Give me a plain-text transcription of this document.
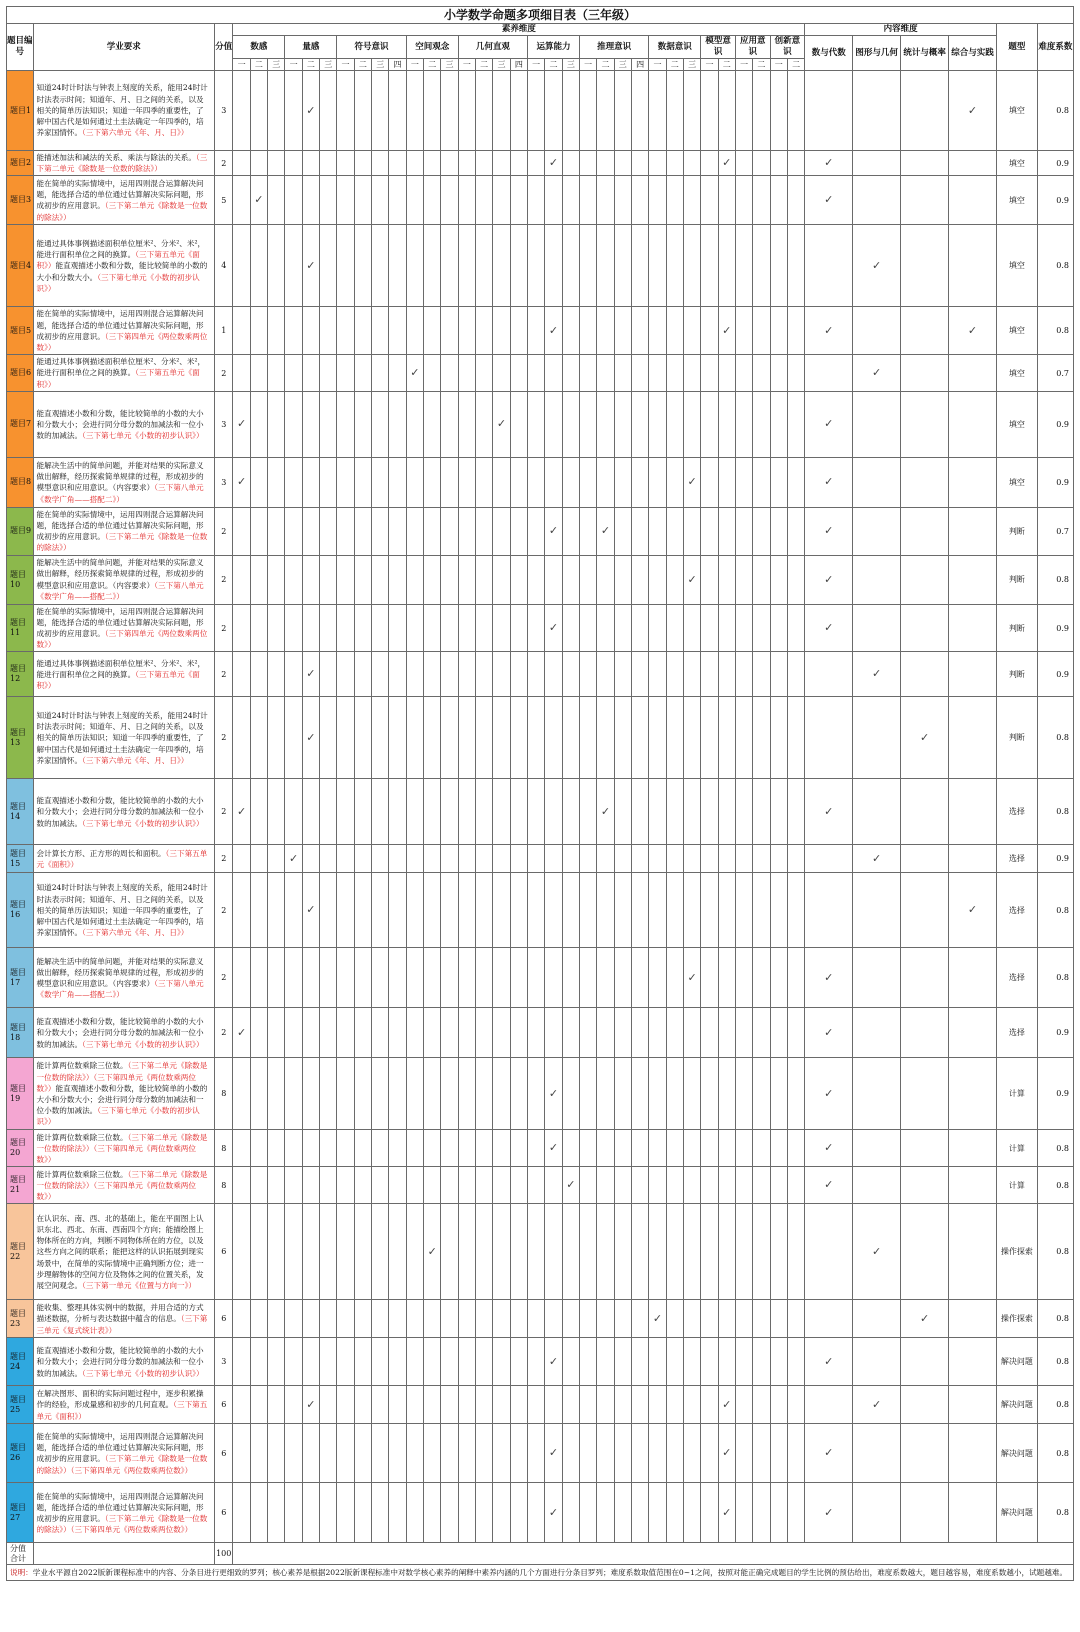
小学数学命题多项细目表（三年级）																																									
题目编号	学业要求	分值	素养维度																																	内容维度				题型	难度系数
			数感			量感			符号意识				空间观念			几何直观				运算能力			推理意识				数据意识			模型意识		应用意识		创新意识		数与代数	图形与几何	统计与概率	综合与实践		
			一	二	三	一	二	三	一	二	三	四	一	二	三	一	二	三	四	一	二	三	一	二	三	四	一	二	三	一	二	一	二	一	二						
题目1	知道24时计时法与钟表上刻度的关系，能用24时计时法表示时间；知道年、月、日之间的关系，以及相关的简单历法知识；知道一年四季的重要性，了解中国古代是如何通过土圭法确定一年四季的，培养家国情怀。（三下第六单元《年、月、日》）	3					✓																																✓	填空	0.8
题目2	能描述加法和减法的关系、乘法与除法的关系。（三下第二单元《除数是一位数的除法》）	2																			✓										✓					✓				填空	0.9
题目3	能在简单的实际情境中，运用四则混合运算解决问题，能选择合适的单位通过估算解决实际问题，形成初步的应用意识。（三下第二单元《除数是一位数的除法》）	5		✓																																✓				填空	0.9
题目4	能通过具体事例描述面积单位厘米²、分米²、米²，能进行面积单位之间的换算。（三下第五单元《面积》）能直观描述小数和分数，能比较简单的小数的大小和分数大小。（三下第七单元《小数的初步认识》）	4					✓																														✓			填空	0.8
题目5	能在简单的实际情境中，运用四则混合运算解决问题，能选择合适的单位通过估算解决实际问题，形成初步的应用意识。（三下第四单元《两位数乘两位数》）	1																			✓										✓					✓			✓	填空	0.8
题目6	能通过具体事例描述面积单位厘米²、分米²、米²，能进行面积单位之间的换算。（三下第五单元《面积》）	2											✓																								✓			填空	0.7
题目7	能直观描述小数和分数，能比较简单的小数的大小和分数大小；会进行同分母分数的加减法和一位小数的加减法。（三下第七单元《小数的初步认识》）	3	✓															✓																		✓				填空	0.9
题目8	能解决生活中的简单问题，并能对结果的实际意义做出解释，经历探索简单规律的过程，形成初步的模型意识和应用意识。（内容要求）（三下第八单元《数学广角——搭配二》）	3	✓																										✓							✓				填空	0.9
题目9	能在简单的实际情境中，运用四则混合运算解决问题，能选择合适的单位通过估算解决实际问题，形成初步的应用意识。（三下第二单元《除数是一位数的除法》）	2																			✓			✓												✓				判断	0.7
题目10	能解决生活中的简单问题，并能对结果的实际意义做出解释，经历探索简单规律的过程，形成初步的模型意识和应用意识。（内容要求）（三下第八单元《数学广角——搭配二》）	2																											✓							✓				判断	0.8
题目11	能在简单的实际情境中，运用四则混合运算解决问题，能选择合适的单位通过估算解决实际问题，形成初步的应用意识。（三下第四单元《两位数乘两位数》）	2																			✓															✓				判断	0.9
题目12	能通过具体事例描述面积单位厘米²、分米²、米²，能进行面积单位之间的换算。（三下第五单元《面积》）	2					✓																														✓			判断	0.9
题目13	知道24时计时法与钟表上刻度的关系，能用24时计时法表示时间；知道年、月、日之间的关系，以及相关的简单历法知识；知道一年四季的重要性，了解中国古代是如何通过土圭法确定一年四季的，培养家国情怀。（三下第六单元《年、月、日》）	2					✓																															✓		判断	0.8
题目14	能直观描述小数和分数，能比较简单的小数的大小和分数大小；会进行同分母分数的加减法和一位小数的加减法。（三下第七单元《小数的初步认识》）	2	✓																					✓												✓				选择	0.8
题目15	会计算长方形、正方形的周长和面积。（三下第五单元《面积》）	2				✓																															✓			选择	0.9
题目16	知道24时计时法与钟表上刻度的关系，能用24时计时法表示时间；知道年、月、日之间的关系，以及相关的简单历法知识；知道一年四季的重要性，了解中国古代是如何通过土圭法确定一年四季的，培养家国情怀。（三下第六单元《年、月、日》）	2					✓																																✓	选择	0.8
题目17	能解决生活中的简单问题，并能对结果的实际意义做出解释，经历探索简单规律的过程，形成初步的模型意识和应用意识。（内容要求）（三下第八单元《数学广角——搭配二》）	2																											✓							✓				选择	0.8
题目18	能直观描述小数和分数，能比较简单的小数的大小和分数大小；会进行同分母分数的加减法和一位小数的加减法。（三下第七单元《小数的初步认识》）	2	✓																																	✓				选择	0.9
题目19	能计算两位数乘除三位数。（三下第二单元《除数是一位数的除法》）（三下第四单元《两位数乘两位数》）能直观描述小数和分数，能比较简单的小数的大小和分数大小；会进行同分母分数的加减法和一位小数的加减法。（三下第七单元《小数的初步认识》）	8																			✓															✓				计算	0.9
题目20	能计算两位数乘除三位数。（三下第二单元《除数是一位数的除法》）（三下第四单元《两位数乘两位数》）	8																			✓															✓				计算	0.8
题目21	能计算两位数乘除三位数。（三下第二单元《除数是一位数的除法》）（三下第四单元《两位数乘两位数》）	8																				✓														✓				计算	0.8
题目22	在认识东、南、西、北的基础上，能在平面图上认识东北、西北、东南、西南四个方向；能描绘图上物体所在的方向，判断不同物体所在的方位，以及这些方向之间的联系；能把这样的认识拓展到现实场景中，在简单的实际情境中正确判断方位；进一步理解物体的空间方位及物体之间的位置关系，发展空间观念。（三下第一单元《位置与方向一》）	6												✓																							✓			操作探索	0.8
题目23	能收集、整理具体实例中的数据，并用合适的方式描述数据，分析与表达数据中蕴含的信息。（三下第三单元《复式统计表》）	6																									✓											✓		操作探索	0.8
题目24	能直观描述小数和分数，能比较简单的小数的大小和分数大小；会进行同分母分数的加减法和一位小数的加减法。（三下第七单元《小数的初步认识》）	3																			✓															✓				解决问题	0.8
题目25	在解决图形、面积的实际问题过程中，逐步积累操作的经验，形成量感和初步的几何直观。（三下第五单元《面积》）	6					✓																								✓						✓			解决问题	0.8
题目26	能在简单的实际情境中，运用四则混合运算解决问题，能选择合适的单位通过估算解决实际问题，形成初步的应用意识。（三下第二单元《除数是一位数的除法》）（三下第四单元《两位数乘两位数》）	6																			✓										✓					✓				解决问题	0.8
题目27	能在简单的实际情境中，运用四则混合运算解决问题，能选择合适的单位通过估算解决实际问题，形成初步的应用意识。（三下第二单元《除数是一位数的除法》）（三下第四单元《两位数乘两位数》）	6																			✓										✓					✓				解决问题	0.8
分值合计		100																																							
说明：学业水平源自2022版新课程标准中的内容、分条目进行更细致的罗列；核心素养是根据2022版新课程标准中对数学核心素养的阐释中素养内涵的几个方面进行分条目罗列；难度系数取值范围在0~1之间，按照对能正确完成题目的学生比例的预估给出，难度系数越大，题目越容易，难度系数越小，试题越难。																																									
